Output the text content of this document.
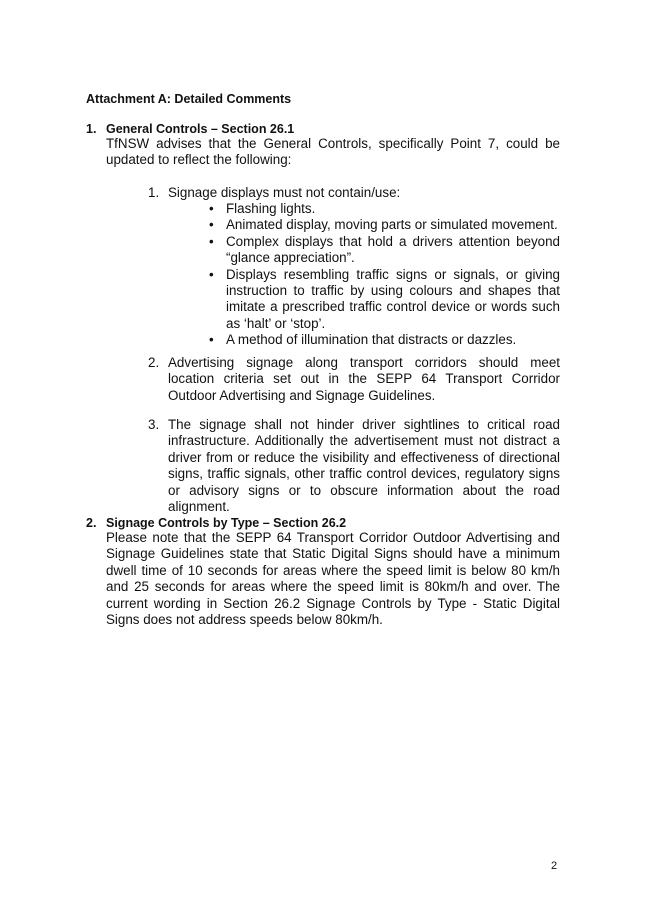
Attachment A: Detailed Comments
1. General Controls – Section 26.1
TfNSW advises that the General Controls, specifically Point 7, could be updated to reflect the following:
1. Signage displays must not contain/use:
• Flashing lights.
• Animated display, moving parts or simulated movement.
• Complex displays that hold a drivers attention beyond “glance appreciation”.
• Displays resembling traffic signs or signals, or giving instruction to traffic by using colours and shapes that imitate a prescribed traffic control device or words such as ‘halt’ or ‘stop’.
• A method of illumination that distracts or dazzles.
2. Advertising signage along transport corridors should meet location criteria set out in the SEPP 64 Transport Corridor Outdoor Advertising and Signage Guidelines.
3. The signage shall not hinder driver sightlines to critical road infrastructure. Additionally the advertisement must not distract a driver from or reduce the visibility and effectiveness of directional signs, traffic signals, other traffic control devices, regulatory signs or advisory signs or to obscure information about the road alignment.
2. Signage Controls by Type – Section 26.2
Please note that the SEPP 64 Transport Corridor Outdoor Advertising and Signage Guidelines state that Static Digital Signs should have a minimum dwell time of 10 seconds for areas where the speed limit is below 80 km/h and 25 seconds for areas where the speed limit is 80km/h and over. The current wording in Section 26.2 Signage Controls by Type - Static Digital Signs does not address speeds below 80km/h.
2
